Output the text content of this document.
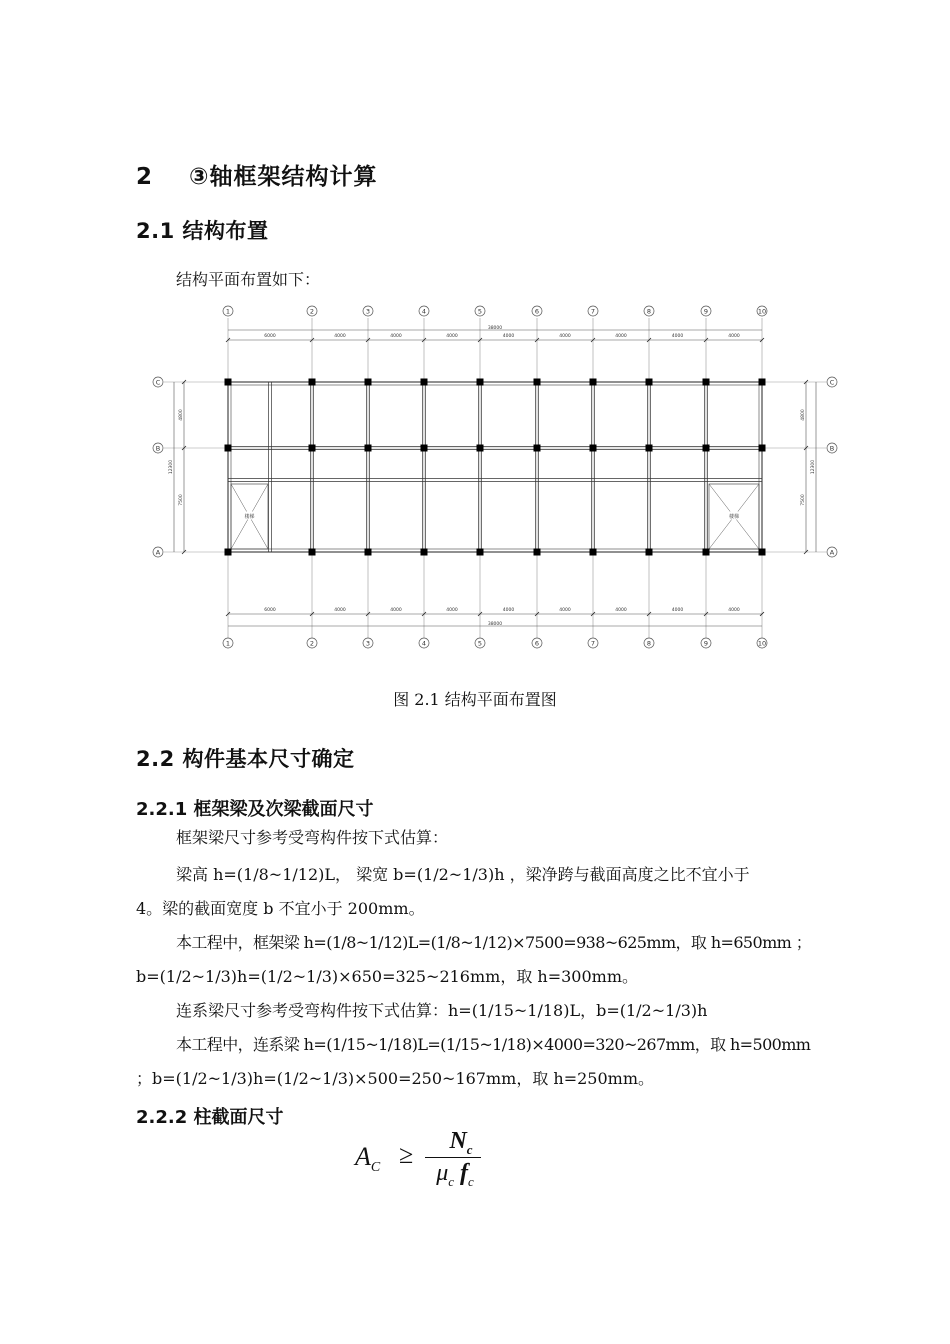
2 ③轴框架结构计算
2.1 结构布置
结构平面布置如下：
1
1
2
2
3
3
4
4
5
5
6
6
7
7
8
8
9
9
10
10
C	C
B	B
A	A
6000	4000	4000	4000	4000	4000	4000	4000	4000
38000
6000	4000	4000	4000	4000	4000	4000	4000	4000
38000
4800
7500
12300
4800
7500
12300
楼梯	楼梯
图 2.1 结构平面布置图
2.2 构件基本尺寸确定
2.2.1 框架梁及次梁截面尺寸
框架梁尺寸参考受弯构件按下式估算：
梁高 h=(1/8~1/12)L， 梁宽 b=(1/2~1/3)h ，梁净跨与截面高度之比不宜小于
4。梁的截面宽度 b 不宜小于 200mm。
本工程中，框架梁 h=(1/8~1/12)L=(1/8~1/12)×7500=938~625mm，取 h=650mm ；
b=(1/2~1/3)h=(1/2~1/3)×650=325~216mm，取 h=300mm。
连系梁尺寸参考受弯构件按下式估算：h=(1/15~1/18)L，b=(1/2~1/3)h
本工程中，连系梁 h=(1/15~1/18)L=(1/15~1/18)×4000=320~267mm，取 h=500mm
；b=(1/2~1/3)h=(1/2~1/3)×500=250~167mm，取 h=250mm。
2.2.2 柱截面尺寸
$A_C$ ≥	$N_c$
$\mu_c$ $f_c$
